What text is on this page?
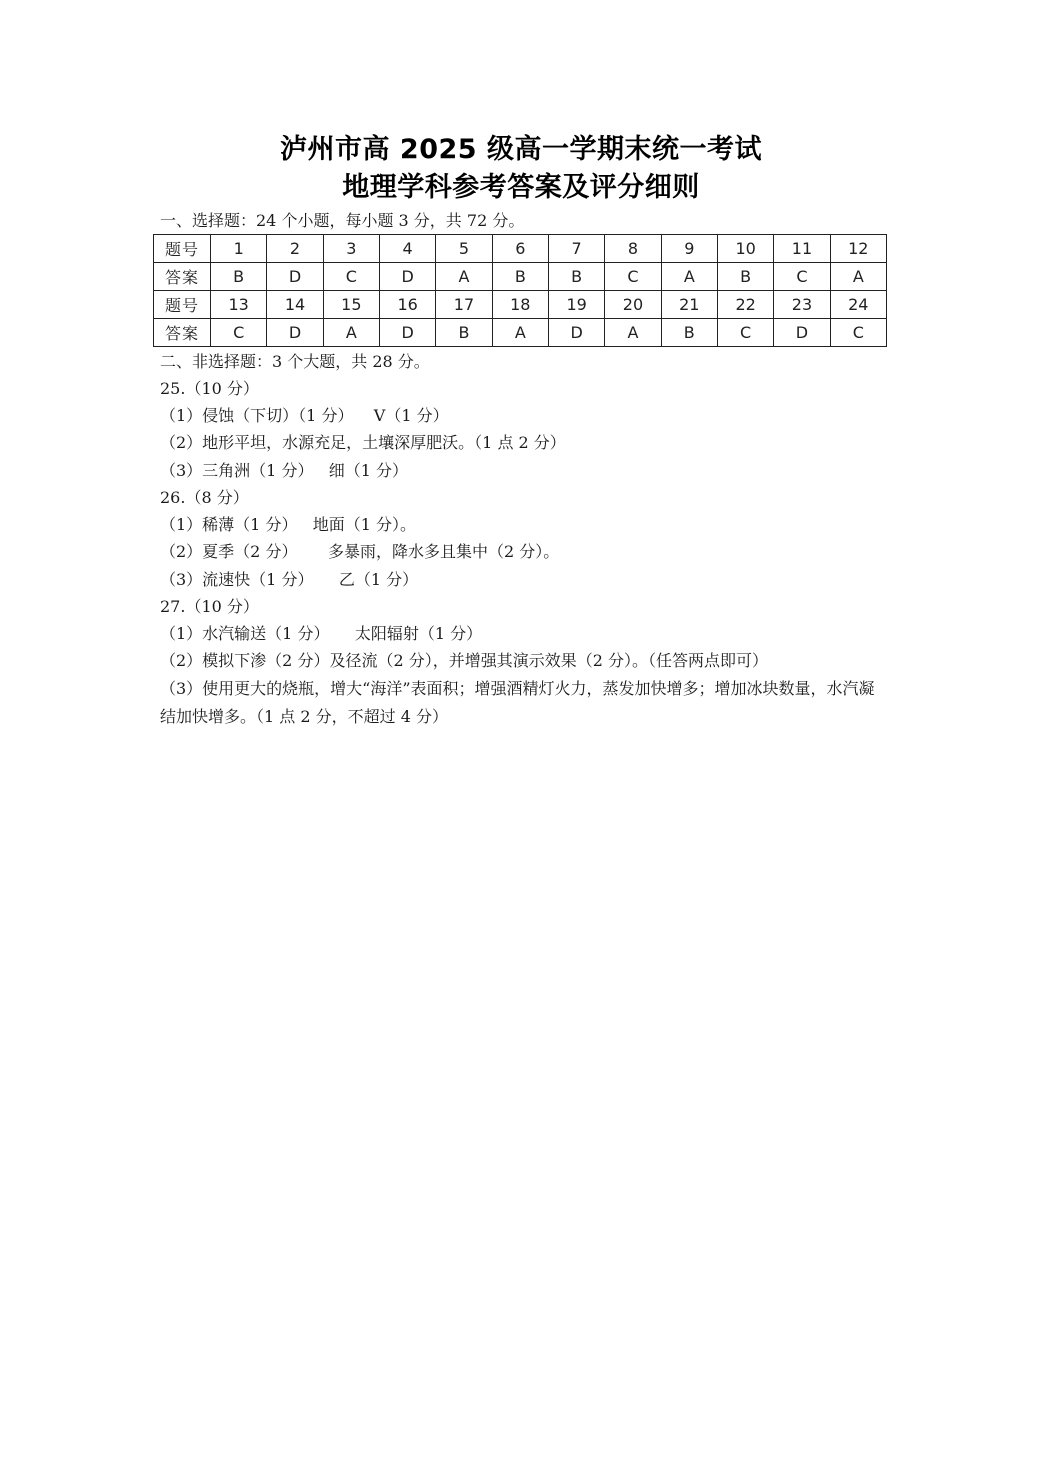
泸州市高 2025 级高一学期末统一考试
地理学科参考答案及评分细则
一、选择题：24 个小题，每小题 3 分，共 72 分。
题号	1	2	3	4	5	6	7	8	9	10	11	12
答案	B	D	C	D	A	B	B	C	A	B	C	A
题号	13	14	15	16	17	18	19	20	21	22	23	24
答案	C	D	A	D	B	A	D	A	B	C	D	C
二、非选择题：3 个大题，共 28 分。
25.（10 分）
（1）侵蚀（下切）（1 分）    V（1 分）
（2）地形平坦，水源充足，土壤深厚肥沃。（1 点 2 分）
（3）三角洲（1 分）   细（1 分）
26.（8 分）
（1）稀薄（1 分）   地面（1 分）。
（2）夏季（2 分）      多暴雨，降水多且集中（2 分）。
（3）流速快（1 分）     乙（1 分）
27.（10 分）
（1）水汽输送（1 分）     太阳辐射（1 分）
（2）模拟下渗（2 分）及径流（2 分），并增强其演示效果（2 分）。（任答两点即可）
（3）使用更大的烧瓶，增大“海洋”表面积；增强酒精灯火力，蒸发加快增多；增加冰块数量，水汽凝结加快增多。（1 点 2 分，不超过 4 分）
